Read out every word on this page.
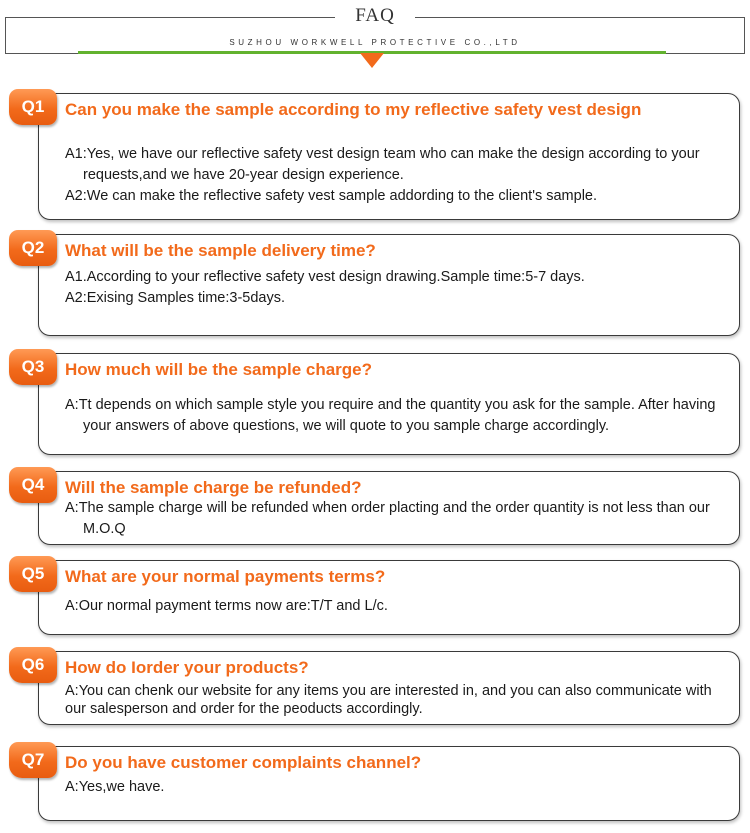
FAQ
SUZHOU WORKWELL PROTECTIVE CO.,LTD
Q1	Can you make the sample according to my reflective safety vest design

A1:Yes, we have our reflective safety vest design team who can make the design according to your requests,and we have 20-year design experience.

A2:We can make the reflective safety vest sample addording to the client's sample.

Q2	What will be the sample delivery time?

A1.According to your reflective safety vest design drawing.Sample time:5-7 days.

A2:Exising Samples time:3-5days.

Q3	How much will be the sample charge?

A:Tt depends on which sample style you require and the quantity you ask for the sample. After having your answers of above questions, we will quote to you sample charge accordingly.

Q4	Will the sample charge be refunded?

A:The sample charge will be refunded when order placting and the order quantity is not less than our M.O.Q

Q5	What are your normal payments terms?

A:Our normal payment terms now are:T/T and L/c.

Q6	How do Iorder your products?

A:You can chenk our website for any items you are interested in, and you can also communicate with our salesperson and order for the peoducts accordingly.

Q7	Do you have customer complaints channel?

A:Yes,we have.
